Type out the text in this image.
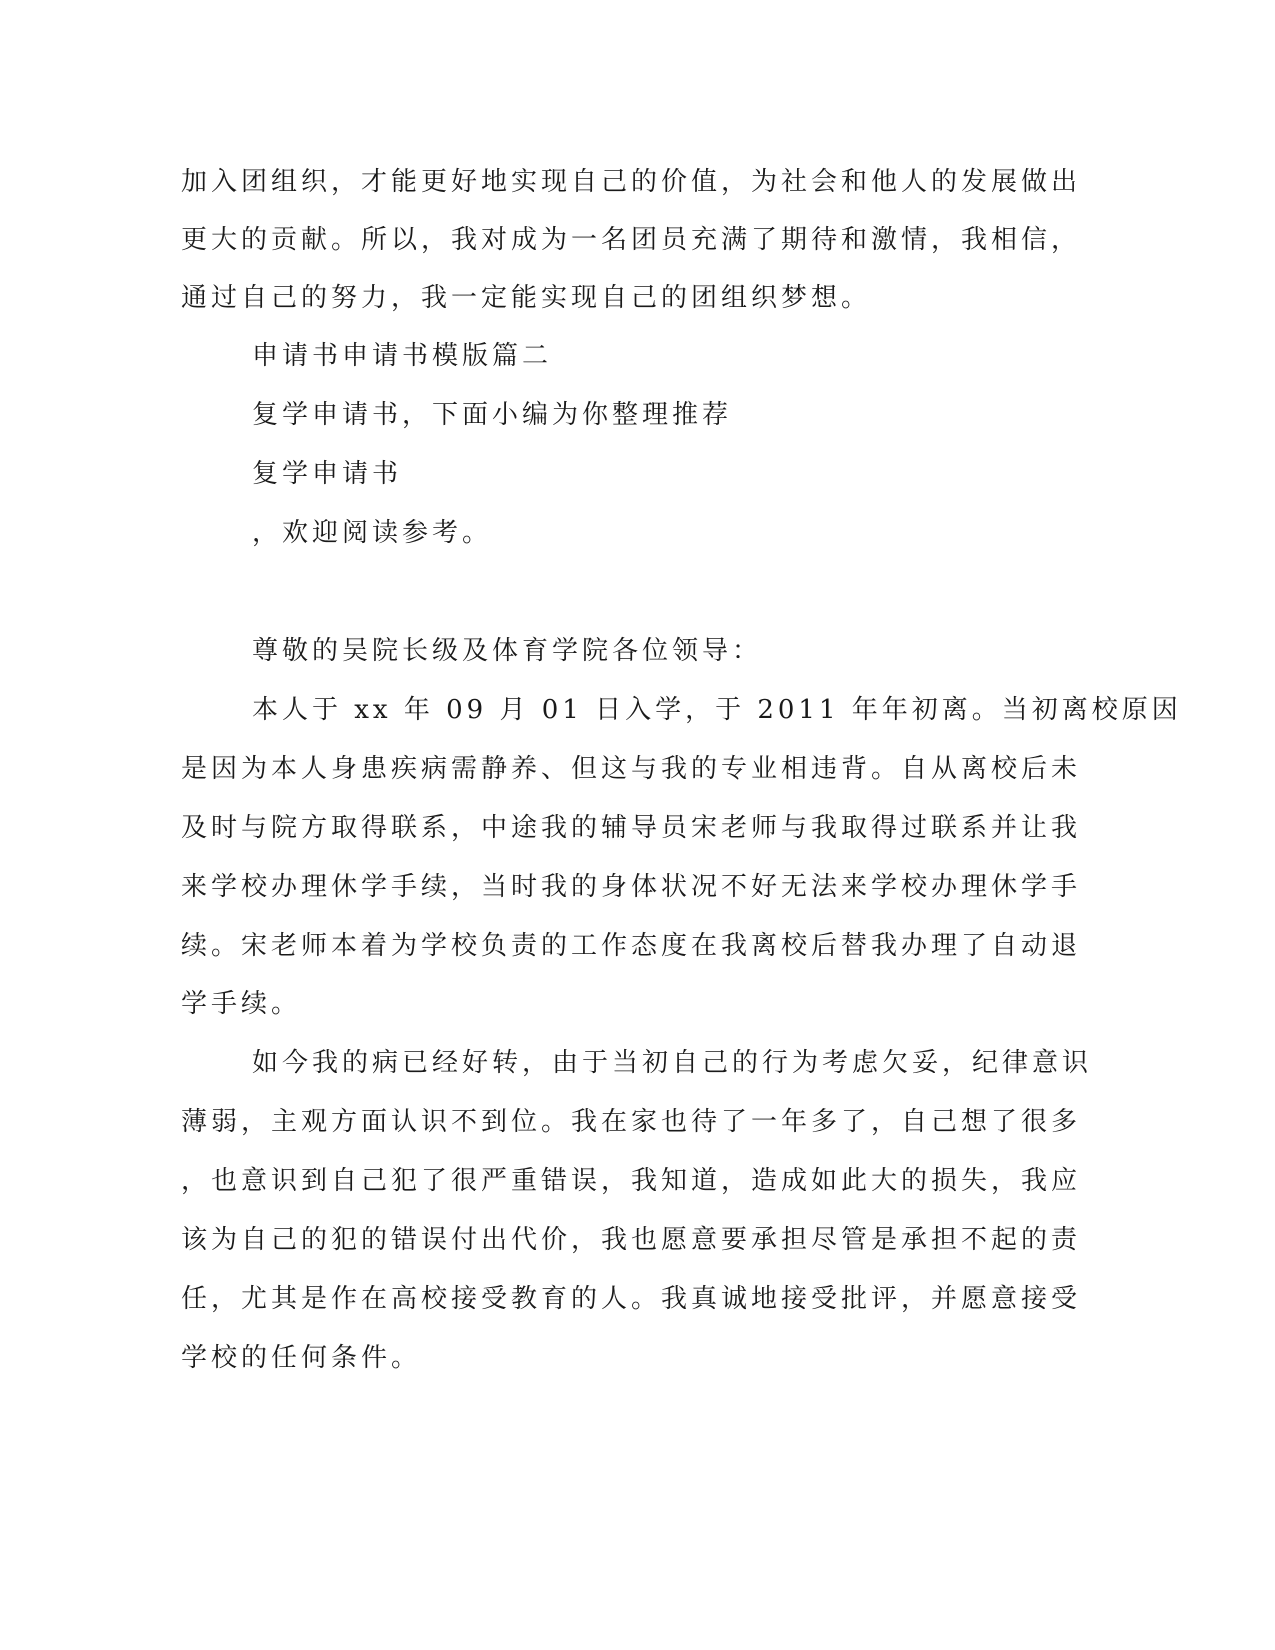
加入团组织，才能更好地实现自己的价值，为社会和他人的发展做出
更大的贡献。所以，我对成为一名团员充满了期待和激情，我相信，
通过自己的努力，我一定能实现自己的团组织梦想。
申请书申请书模版篇二
复学申请书，下面小编为你整理推荐
复学申请书
，欢迎阅读参考。
尊敬的吴院长级及体育学院各位领导：
本人于 xx 年 09 月 01 日入学，于 2011 年年初离。当初离校原因
是因为本人身患疾病需静养、但这与我的专业相违背。自从离校后未
及时与院方取得联系，中途我的辅导员宋老师与我取得过联系并让我
来学校办理休学手续，当时我的身体状况不好无法来学校办理休学手
续。宋老师本着为学校负责的工作态度在我离校后替我办理了自动退
学手续。
如今我的病已经好转，由于当初自己的行为考虑欠妥，纪律意识
薄弱，主观方面认识不到位。我在家也待了一年多了，自己想了很多
，也意识到自己犯了很严重错误，我知道，造成如此大的损失，我应
该为自己的犯的错误付出代价，我也愿意要承担尽管是承担不起的责
任，尤其是作在高校接受教育的人。我真诚地接受批评，并愿意接受
学校的任何条件。
